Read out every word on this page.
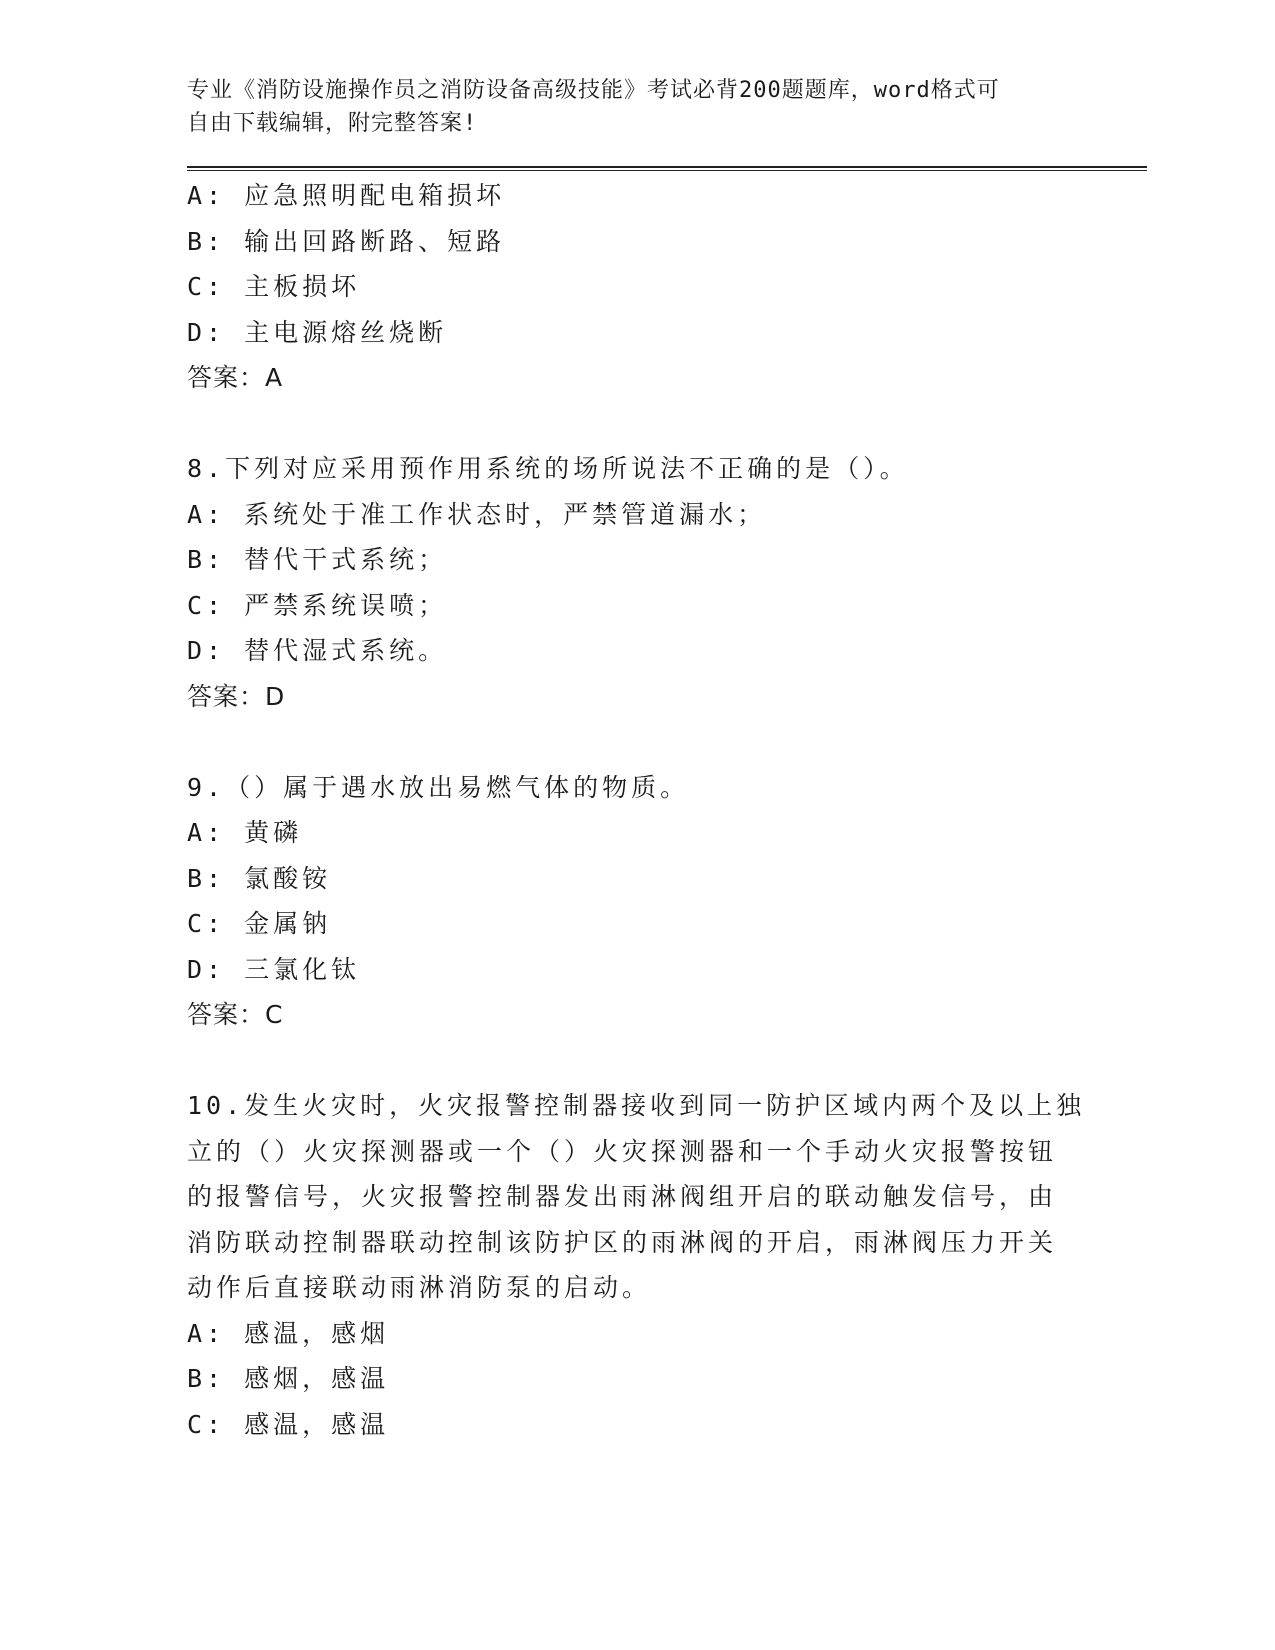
专业《消防设施操作员之消防设备高级技能》考试必背200题题库，word格式可
自由下载编辑，附完整答案!
A: 应急照明配电箱损坏
B: 输出回路断路、短路
C: 主板损坏
D: 主电源熔丝烧断
答案：A
8.下列对应采用预作用系统的场所说法不正确的是（）。
A: 系统处于准工作状态时，严禁管道漏水；
B: 替代干式系统；
C: 严禁系统误喷；
D: 替代湿式系统。
答案：D
9.（）属于遇水放出易燃气体的物质。
A: 黄磷
B: 氯酸铵
C: 金属钠
D: 三氯化钛
答案：C
10.发生火灾时，火灾报警控制器接收到同一防护区域内两个及以上独
立的（）火灾探测器或一个（）火灾探测器和一个手动火灾报警按钮
的报警信号，火灾报警控制器发出雨淋阀组开启的联动触发信号，由
消防联动控制器联动控制该防护区的雨淋阀的开启，雨淋阀压力开关
动作后直接联动雨淋消防泵的启动。
A: 感温，感烟
B: 感烟，感温
C: 感温，感温
